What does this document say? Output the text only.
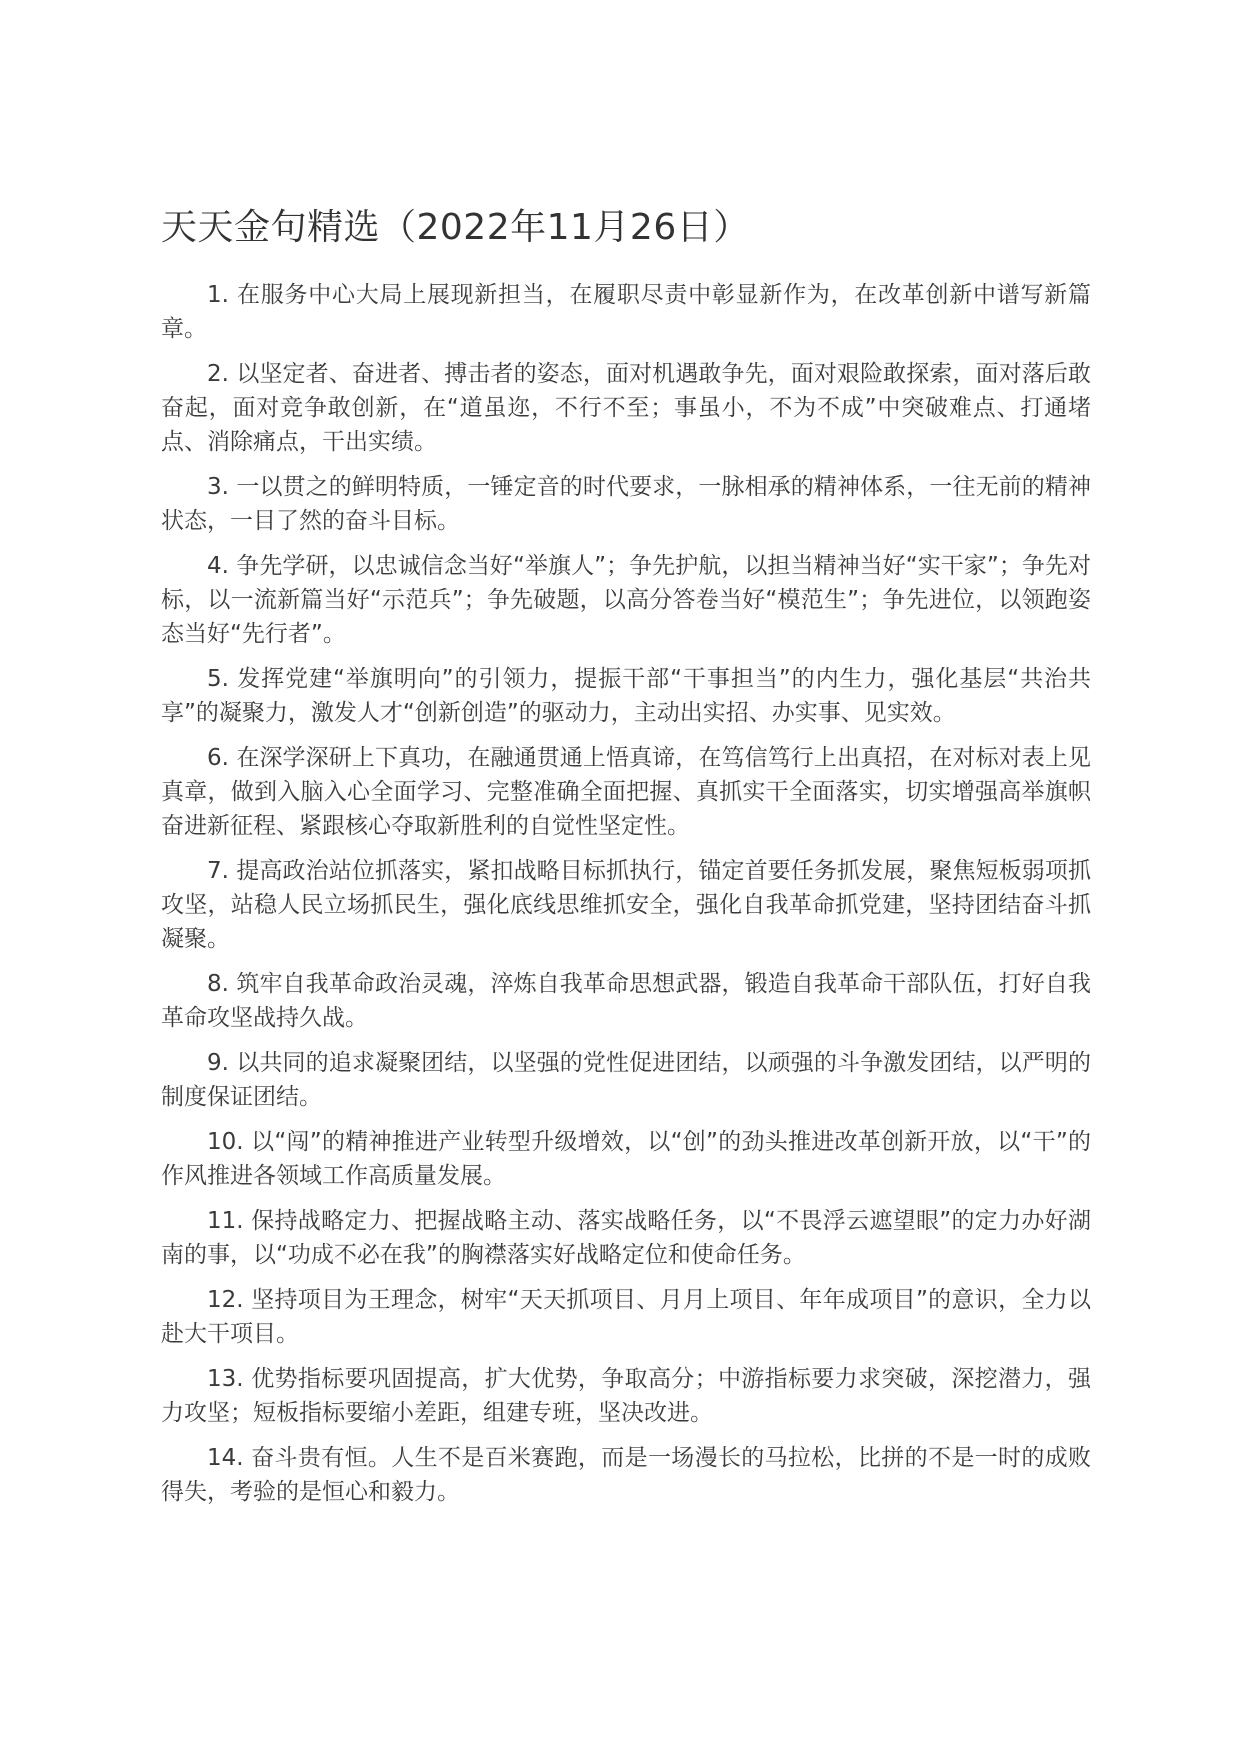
天天金句精选（2022年11月26日）

1. 在服务中心大局上展现新担当，在履职尽责中彰显新作为，在改革创新中谱写新篇章。

2. 以坚定者、奋进者、搏击者的姿态，面对机遇敢争先，面对艰险敢探索，面对落后敢奋起，面对竞争敢创新，在“道虽迩，不行不至；事虽小，不为不成”中突破难点、打通堵点、消除痛点，干出实绩。

3. 一以贯之的鲜明特质，一锤定音的时代要求，一脉相承的精神体系，一往无前的精神状态，一目了然的奋斗目标。

4. 争先学研，以忠诚信念当好“举旗人”；争先护航，以担当精神当好“实干家”；争先对标，以一流新篇当好“示范兵”；争先破题，以高分答卷当好“模范生”；争先进位，以领跑姿态当好“先行者”。

5. 发挥党建“举旗明向”的引领力，提振干部“干事担当”的内生力，强化基层“共治共享”的凝聚力，激发人才“创新创造”的驱动力，主动出实招、办实事、见实效。

6. 在深学深研上下真功，在融通贯通上悟真谛，在笃信笃行上出真招，在对标对表上见真章，做到入脑入心全面学习、完整准确全面把握、真抓实干全面落实，切实增强高举旗帜奋进新征程、紧跟核心夺取新胜利的自觉性坚定性。

7. 提高政治站位抓落实，紧扣战略目标抓执行，锚定首要任务抓发展，聚焦短板弱项抓攻坚，站稳人民立场抓民生，强化底线思维抓安全，强化自我革命抓党建，坚持团结奋斗抓凝聚。

8. 筑牢自我革命政治灵魂，淬炼自我革命思想武器，锻造自我革命干部队伍，打好自我革命攻坚战持久战。

9. 以共同的追求凝聚团结，以坚强的党性促进团结，以顽强的斗争激发团结，以严明的制度保证团结。

10. 以“闯”的精神推进产业转型升级增效，以“创”的劲头推进改革创新开放，以“干”的作风推进各领域工作高质量发展。

11. 保持战略定力、把握战略主动、落实战略任务，以“不畏浮云遮望眼”的定力办好湖南的事，以“功成不必在我”的胸襟落实好战略定位和使命任务。

12. 坚持项目为王理念，树牢“天天抓项目、月月上项目、年年成项目”的意识，全力以赴大干项目。

13. 优势指标要巩固提高，扩大优势，争取高分；中游指标要力求突破，深挖潜力，强力攻坚；短板指标要缩小差距，组建专班，坚决改进。

14. 奋斗贵有恒。人生不是百米赛跑，而是一场漫长的马拉松，比拼的不是一时的成败得失，考验的是恒心和毅力。
